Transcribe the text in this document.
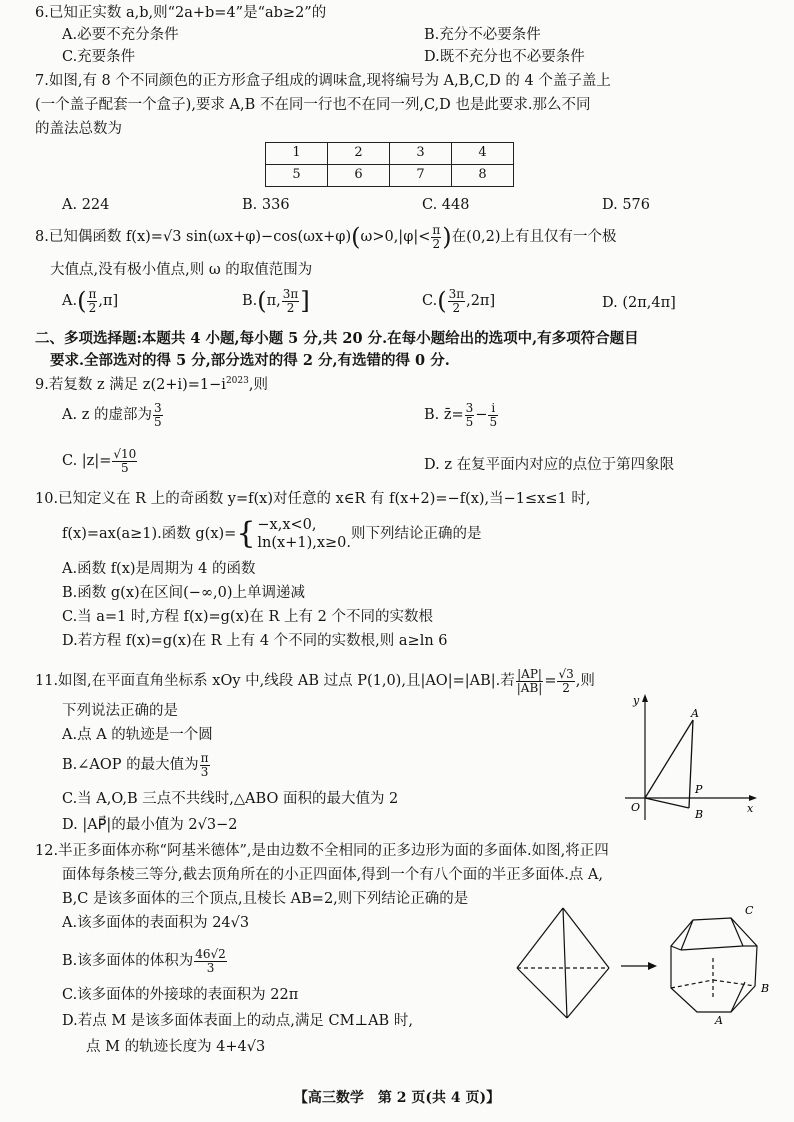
6.已知正实数 a,b,则“2a+b=4”是“ab≥2”的
A.必要不充分条件	B.充分不必要条件
C.充要条件	D.既不充分也不必要条件
7.如图,有 8 个不同颜色的正方形盒子组成的调味盒,现将编号为 A,B,C,D 的 4 个盖子盖上
(一个盖子配套一个盒子),要求 A,B 不在同一行也不在同一列,C,D 也是此要求.那么不同
的盖法总数为
1	2	3	4
5	6	7	8
A. 224	B. 336	C. 448	D. 576
8.已知偶函数 f(x)=√3 $\sin(\omega x+\varphi)-\cos(\omega x+\varphi)(\omega>0,|\varphi|< \frac{\pi}{2}$ )在(0,2)上有且仅有一个极
大值点,没有极小值点,则 ω 的取值范围为
$A.( \frac{\pi}{2} ,\pi]$	B.(π, $\frac{3\pi}{2}$ ]	$C.( \frac{3\pi}{2} ,2\pi]$	D. (2π,4π]
二、多项选择题:本题共 4 小题,每小题 5 分,共 20 分.在每小题给出的选项中,有多项符合题目
要求.全部选对的得 5 分,部分选对的得 2 分,有选错的得 0 分.
9.若复数 z 满足 $z(2+i)=1-i^{2023}$,则
A. z 的虚部为 $\frac{3}{5}$	B. z̄= $\frac{3}{5} - \frac{i}{5}$
C. $|z|= \frac{√10}{5}$	D. z 在复平面内对应的点位于第四象限
10.已知定义在 R 上的奇函数 y=f(x)对任意的 x∈R 有 f(x+2)=−f(x),当−1≤x≤1 时,
f(x)=ax(a≥1).函数 g(x)={ −x,x<0,
ln(x+1),x≥0.
则下列结论正确的是
A.函数 f(x)是周期为 4 的函数
B.函数 g(x)在区间(−∞,0)上单调递减
C.当 a=1 时,方程 f(x)=g(x)在 R 上有 2 个不同的实数根
D.若方程 f(x)=g(x)在 R 上有 4 个不同的实数根,则 a≥ln 6
11.如图,在平面直角坐标系 xOy 中,线段 AB 过点 P(1,0),且|AO|=|AB|.若 $\frac{|AP|}{|AB|} = \frac{√3}{2}$ ,则
下列说法正确的是
A.点 A 的轨迹是一个圆
B.∠AOP 的最大值为 $\frac{\pi}{3}$
C.当 A,O,B 三点不共线时,△ABO 面积的最大值为 2
D. |AP⃗|的最小值为 2√3−2
y
x
O
A
P
B
12.半正多面体亦称“阿基米德体”,是由边数不全相同的正多边形为面的多面体.如图,将正四
面体每条棱三等分,截去顶角所在的小正四面体,得到一个有八个面的半正多面体.点 A,
B,C 是该多面体的三个顶点,且棱长 AB=2,则下列结论正确的是
A.该多面体的表面积为 24√3
B.该多面体的体积为 $\frac{46√2}{3}$
C.该多面体的外接球的表面积为 22π
D.若点 M 是该多面体表面上的动点,满足 CM⊥AB 时,
点 M 的轨迹长度为 4+4√3
C
B
A
【高三数学　第 2 页(共 4 页)】
